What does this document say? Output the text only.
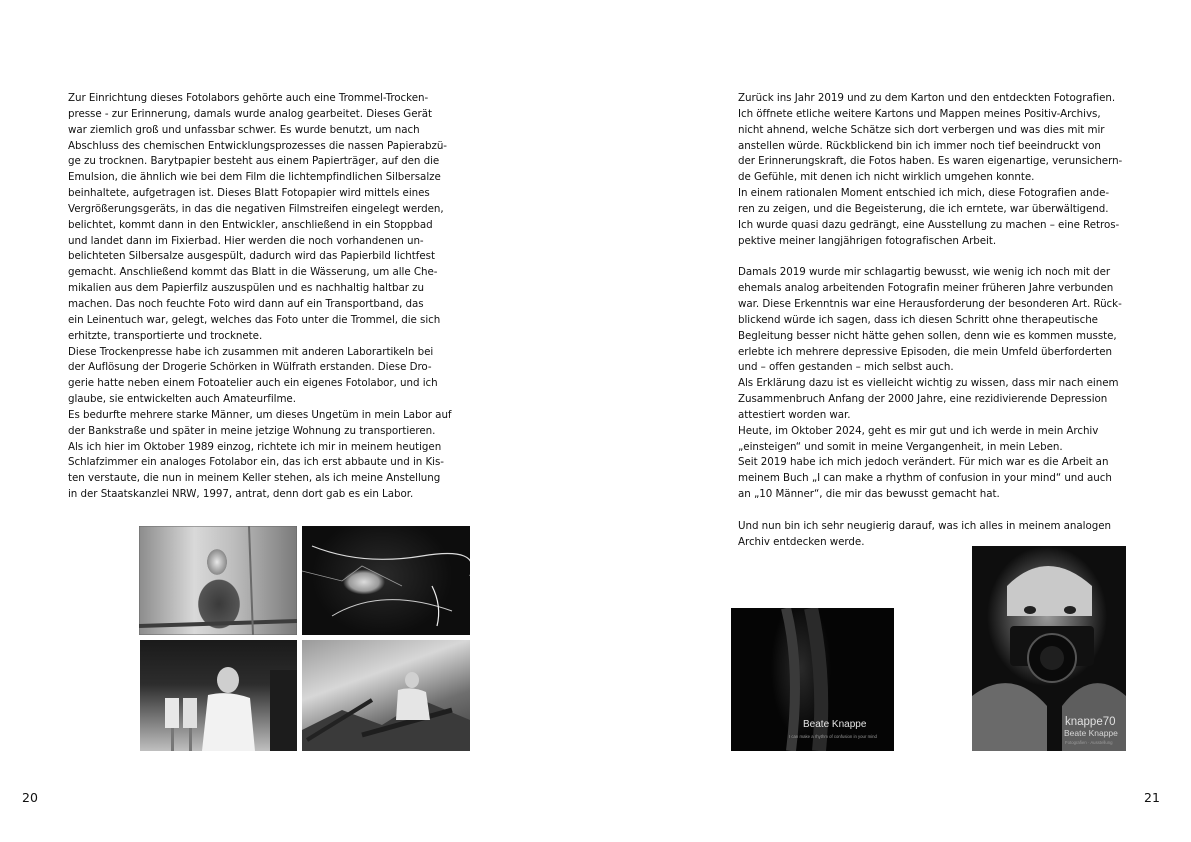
Zur Einrichtung dieses Fotolabors gehörte auch eine Trommel-Trocken-

presse - zur Erinnerung, damals wurde analog gearbeitet. Dieses Gerät

war ziemlich groß und unfassbar schwer. Es wurde benutzt, um nach

Abschluss des chemischen Entwicklungsprozesses die nassen Papierabzü-

ge zu trocknen. Barytpapier besteht aus einem Papierträger, auf den die

Emulsion, die ähnlich wie bei dem Film die lichtempfindlichen Silbersalze

beinhaltete, aufgetragen ist. Dieses Blatt Fotopapier wird mittels eines

Vergrößerungsgeräts, in das die negativen Filmstreifen eingelegt werden,

belichtet, kommt dann in den Entwickler, anschließend in ein Stoppbad

und landet dann im Fixierbad. Hier werden die noch vorhandenen un-

belichteten Silbersalze ausgespült, dadurch wird das Papierbild lichtfest

gemacht. Anschließend kommt das Blatt in die Wässerung, um alle Che-

mikalien aus dem Papierfilz auszuspülen und es nachhaltig haltbar zu

machen. Das noch feuchte Foto wird dann auf ein Transportband, das

ein Leinentuch war, gelegt, welches das Foto unter die Trommel, die sich

erhitzte, transportierte und trocknete.

Diese Trockenpresse habe ich zusammen mit anderen Laborartikeln bei

der Auflösung der Drogerie Schörken in Wülfrath erstanden. Diese Dro-

gerie hatte neben einem Fotoatelier auch ein eigenes Fotolabor, und ich

glaube, sie entwickelten auch Amateurfilme.

Es bedurfte mehrere starke Männer, um dieses Ungetüm in mein Labor auf

der Bankstraße und später in meine jetzige Wohnung zu transportieren.

Als ich hier im Oktober 1989 einzog, richtete ich mir in meinem heutigen

Schlafzimmer ein analoges Fotolabor ein, das ich erst abbaute und in Kis-

ten verstaute, die nun in meinem Keller stehen, als ich meine Anstellung

in der Staatskanzlei NRW, 1997, antrat, denn dort gab es ein Labor.

Zurück ins Jahr 2019 und zu dem Karton und den entdeckten Fotografien.

Ich öffnete etliche weitere Kartons und Mappen meines Positiv-Archivs,

nicht ahnend, welche Schätze sich dort verbergen und was dies mit mir

anstellen würde. Rückblickend bin ich immer noch tief beeindruckt von

der Erinnerungskraft, die Fotos haben. Es waren eigenartige, verunsichern-

de Gefühle, mit denen ich nicht wirklich umgehen konnte.

In einem rationalen Moment entschied ich mich, diese Fotografien ande-

ren zu zeigen, und die Begeisterung, die ich erntete, war überwältigend.

Ich wurde quasi dazu gedrängt, eine Ausstellung zu machen – eine Retros-

pektive meiner langjährigen fotografischen Arbeit.

Damals 2019 wurde mir schlagartig bewusst, wie wenig ich noch mit der

ehemals analog arbeitenden Fotografin meiner früheren Jahre verbunden

war. Diese Erkenntnis war eine Herausforderung der besonderen Art. Rück-

blickend würde ich sagen, dass ich diesen Schritt ohne therapeutische

Begleitung besser nicht hätte gehen sollen, denn wie es kommen musste,

erlebte ich mehrere depressive Episoden, die mein Umfeld überforderten

und – offen gestanden – mich selbst auch.

Als Erklärung dazu ist es vielleicht wichtig zu wissen, dass mir nach einem

Zusammenbruch Anfang der 2000 Jahre, eine rezidivierende Depression

attestiert worden war.

Heute, im Oktober 2024, geht es mir gut und ich werde in mein Archiv

„einsteigen“ und somit in meine Vergangenheit, in mein Leben.

Seit 2019 habe ich mich jedoch verändert. Für mich war es die Arbeit an

meinem Buch „I can make a rhythm of confusion in your mind“ und auch

an „10 Männer“, die mir das bewusst gemacht hat.

Und nun bin ich sehr neugierig darauf, was ich alles in meinem analogen

Archiv entdecken werde.

Beate Knappe
I can make a rhythm of confusion in your mind
knappe70
Beate Knappe
Fotografien · Ausstellung
20	21
